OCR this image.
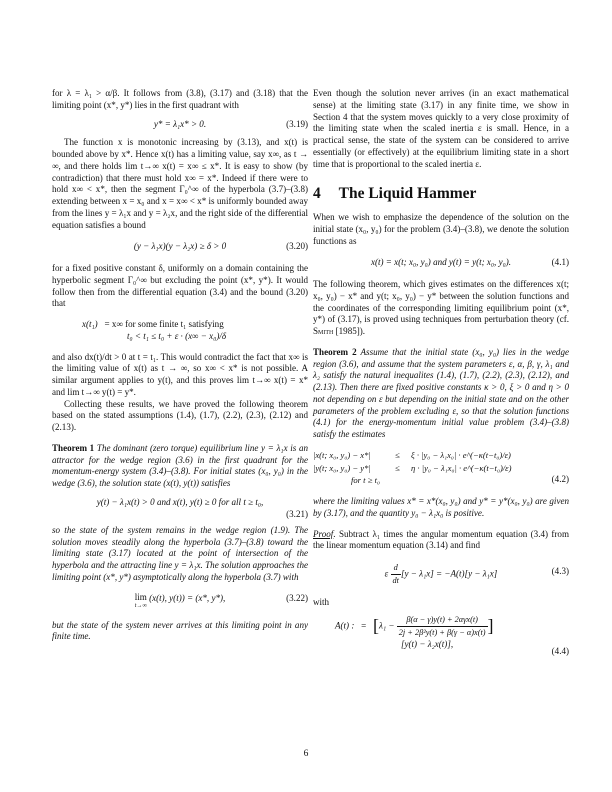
for λ = λ₁ > α/β. It follows from (3.8), (3.17) and (3.18) that the limiting point (x*, y*) lies in the first quadrant with

y* = λ₁x* > 0.	(3.19)

The function x is monotonic increasing by (3.13), and x(t) is bounded above by x*. Hence x(t) has a limiting value, say x∞, as t → ∞, and there holds lim t→∞ x(t) = x∞ ≤ x*. It is easy to show (by contradiction) that there must hold x∞ = x*. Indeed if there were to hold x∞ < x*, then the segment Γ₀^∞ of the hyperbola (3.7)–(3.8) extending between x = x₀ and x = x∞ < x* is uniformly bounded away from the lines y = λ₁x and y = λ₂x, and the right side of the differential equation satisfies a bound

(y − λ₁x)(y − λ₂x) ≥ δ > 0	(3.20)

for a fixed positive constant δ, uniformly on a domain containing the hyperbolic segment Γ₀^∞ but excluding the point (x*, y*). It would follow then from the differential equation (3.4) and the bound (3.20) that

x(t₁) = x∞ for some finite t₁ satisfying
t₀ < t₁ ≤ t₀ + ε · (x∞ − x₀)/δ

and also dx(t)/dt > 0 at t = t₁. This would contradict the fact that x∞ is the limiting value of x(t) as t → ∞, so x∞ < x* is not possible. A similar argument applies to y(t), and this proves lim t→∞ x(t) = x* and lim t→∞ y(t) = y*.

Collecting these results, we have proved the following theorem based on the stated assumptions (1.4), (1.7), (2.2), (2.3), (2.12) and (2.13).

Theorem 1 The dominant (zero torque) equilibrium line y = λ₁x is an attractor for the wedge region (3.6) in the first quadrant for the momentum-energy system (3.4)–(3.8). For initial states (x₀, y₀) in the wedge (3.6), the solution state (x(t), y(t)) satisfies

y(t) − λ₁x(t) > 0 and x(t), y(t) ≥ 0 for all t ≥ t₀,
(3.21)

so the state of the system remains in the wedge region (1.9). The solution moves steadily along the hyperbola (3.7)–(3.8) toward the limiting state (3.17) located at the point of intersection of the hyperbola and the attracting line y = λ₁x. The solution approaches the limiting point (x*, y*) asymptotically along the hyperbola (3.7) with

lim
t→∞
(x(t), y(t)) = (x*, y*),	(3.22)

but the state of the system never arrives at this limiting point in any finite time.

Even though the solution never arrives (in an exact mathematical sense) at the limiting state (3.17) in any finite time, we show in Section 4 that the system moves quickly to a very close proximity of the limiting state when the scaled inertia ε is small. Hence, in a practical sense, the state of the system can be considered to arrive essentially (or effectively) at the equilibrium limiting state in a short time that is proportional to the scaled inertia ε.

4 The Liquid Hammer

When we wish to emphasize the dependence of the solution on the initial state (x₀, y₀) for the problem (3.4)–(3.8), we denote the solution functions as

x(t) = x(t; x₀, y₀) and y(t) = y(t; x₀, y₀).	(4.1)

The following theorem, which gives estimates on the differences x(t; x₀, y₀) − x* and y(t; x₀, y₀) − y* between the solution functions and the coordinates of the corresponding limiting equilibrium point (x*, y*) of (3.17), is proved using techniques from perturbation theory (cf. Smith [1985]).

Theorem 2 Assume that the initial state (x₀, y₀) lies in the wedge region (3.6), and assume that the system parameters ε, α, β, γ, λ₁ and λ₂ satisfy the natural inequalites (1.4), (1.7), (2.2), (2.3), (2.12), and (2.13). Then there are fixed positive constants κ > 0, ξ > 0 and η > 0 not depending on ε but depending on the initial state and on the other parameters of the problem excluding ε, so that the solution functions (4.1) for the energy-momentum initial value problem (3.4)–(3.8) satisfy the estimates

|x(t; x₀, y₀) − x*|	≤	ξ · |y₀ − λ₁x₀| · e^(−κ(t−t₀)/ε)
|y(t; x₀, y₀) − y*|	≤	η · |y₀ − λ₁x₀| · e^(−κ(t−t₀)/ε)
for t ≥ t₀	(4.2)

where the limiting values x* = x*(x₀, y₀) and y* = y*(x₀, y₀) are given by (3.17), and the quantity y₀ − λ₁x₀ is positive.

Proof. Subtract λ₁ times the angular momentum equation (3.4) from the linear momentum equation (3.14) and find

ε $\frac{d}{dt} [y - \lambda_1x] = -A(t)[y - \lambda_1x]$	(4.3)

with

A(t) : = [$\lambda_1 - \frac{\text{β(α − γ)y(t) + 2αγx(t)}}{\text{2j + 2β²y(t) + β(γ − α)x(t)}}$ ]
[y(t) − λ₂x(t)],
(4.4)
6
